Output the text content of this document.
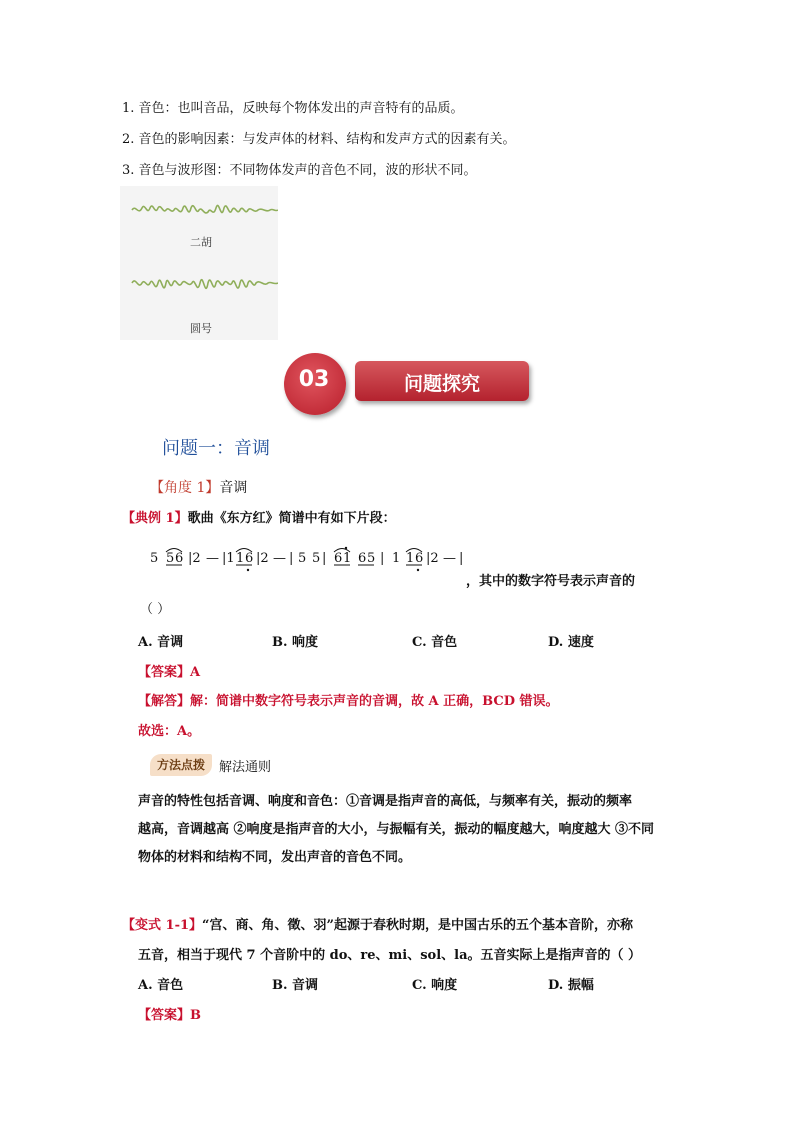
1. 音色：也叫音品，反映每个物体发出的声音特有的品质。
2. 音色的影响因素：与发声体的材料、结构和发声方式的因素有关。
3. 音色与波形图：不同物体发声的音色不同，波的形状不同。
二胡
圆号
03	问题探究
问题一：音调
【角度 1】音调
【典例 1】歌曲《东方红》简谱中有如下片段：
5 5 6 |2 — |1 1 6 |2 — | 5 5 | 6 1 6 5 | 1 1 6 |2 — |
，其中的数字符号表示声音的
（ ）
A. 音调	B. 响度	C. 音色	D. 速度
【答案】A
【解答】解：简谱中数字符号表示声音的音调，故 A 正确，BCD 错误。
故选：A。
方法点拨	解法通则
声音的特性包括音调、响度和音色：①音调是指声音的高低，与频率有关，振动的频率
越高，音调越高 ②响度是指声音的大小，与振幅有关，振动的幅度越大，响度越大 ③不同
物体的材料和结构不同，发出声音的音色不同。
【变式 1-1】“宫、商、角、徵、羽”起源于春秋时期，是中国古乐的五个基本音阶，亦称
五音，相当于现代 7 个音阶中的 do、re、mi、sol、la。五音实际上是指声音的（ ）
A. 音色	B. 音调	C. 响度	D. 振幅
【答案】B
